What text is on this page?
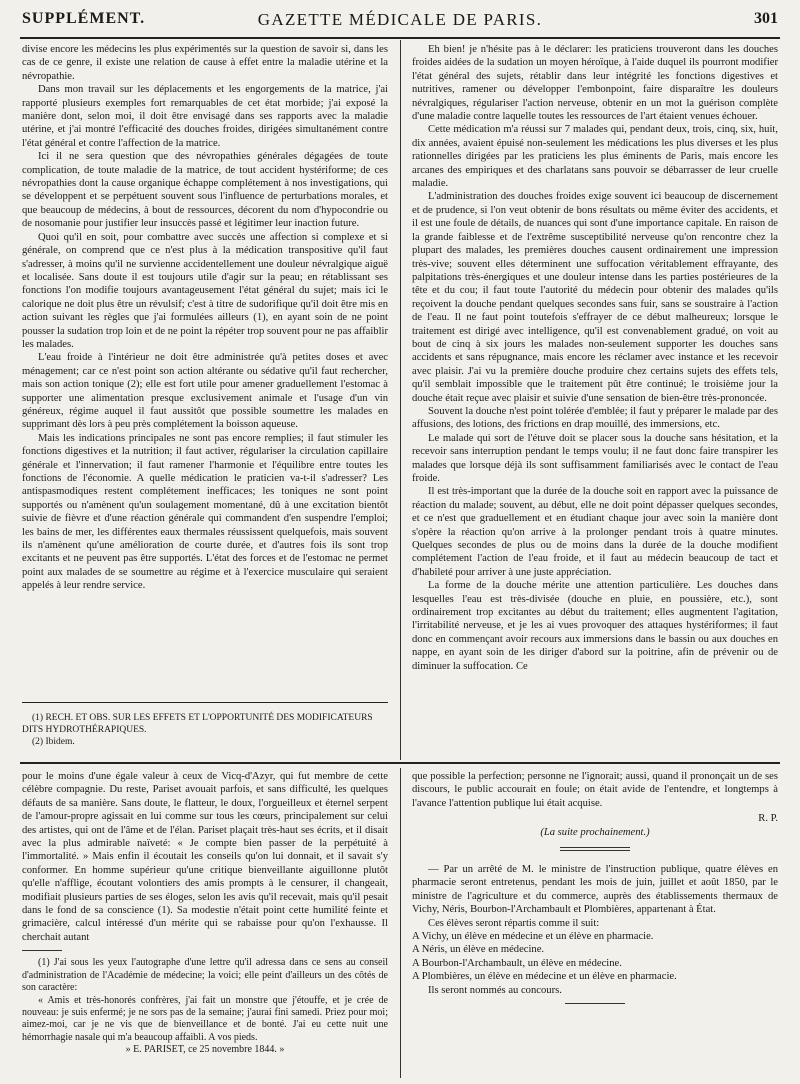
SUPPLÉMENT.	GAZETTE MÉDICALE DE PARIS.	301

divise encore les médecins les plus expérimentés sur la question de savoir si, dans les cas de ce genre, il existe une relation de cause à effet entre la maladie utérine et la névropathie.

Dans mon travail sur les déplacements et les engorgements de la matrice, j'ai rapporté plusieurs exemples fort remarquables de cet état morbide; j'ai exposé la manière dont, selon moi, il doit être envisagé dans ses rapports avec la maladie utérine, et j'ai montré l'efficacité des douches froides, dirigées simultanément contre l'état général et contre l'affection de la matrice.

Ici il ne sera question que des névropathies générales dégagées de toute complication, de toute maladie de la matrice, de tout accident hystériforme; de ces névropathies dont la cause organique échappe complétement à nos investigations, qui se développent et se perpétuent souvent sous l'influence de perturbations morales, et que beaucoup de médecins, à bout de ressources, décorent du nom d'hypocondrie ou de nosomanie pour justifier leur insuccès passé et légitimer leur inaction future.

Quoi qu'il en soit, pour combattre avec succès une affection si complexe et si générale, on comprend que ce n'est plus à la médication transpositive qu'il faut s'adresser, à moins qu'il ne survienne accidentellement une douleur névralgique aiguë et localisée. Sans doute il est toujours utile d'agir sur la peau; en rétablissant ses fonctions l'on modifie toujours avantageusement l'état général du sujet; mais ici le calorique ne doit plus être un révulsif; c'est à titre de sudorifique qu'il doit être mis en action suivant les règles que j'ai formulées ailleurs (1), en ayant soin de ne point pousser la sudation trop loin et de ne point la répéter trop souvent pour ne pas affaiblir les malades.

L'eau froide à l'intérieur ne doit être administrée qu'à petites doses et avec ménagement; car ce n'est point son action altérante ou sédative qu'il faut rechercher, mais son action tonique (2); elle est fort utile pour amener graduellement l'estomac à supporter une alimentation presque exclusivement animale et l'usage d'un vin généreux, régime auquel il faut aussitôt que possible soumettre les malades en supprimant dès lors à peu près complétement la boisson aqueuse.

Mais les indications principales ne sont pas encore remplies; il faut stimuler les fonctions digestives et la nutrition; il faut activer, régulariser la circulation capillaire générale et l'innervation; il faut ramener l'harmonie et l'équilibre entre toutes les fonctions de l'économie. A quelle médication le praticien va-t-il s'adresser? Les antispasmodiques restent complétement inefficaces; les toniques ne sont point supportés ou n'amènent qu'un soulagement momentané, dû à une excitation bientôt suivie de fièvre et d'une réaction générale qui commandent d'en suspendre l'emploi; les bains de mer, les différentes eaux thermales réussissent quelquefois, mais souvent ils n'amènent qu'une amélioration de courte durée, et d'autres fois ils sont trop excitants et ne peuvent pas être supportés. L'état des forces et de l'estomac ne permet point aux malades de se soumettre au régime et à l'exercice musculaire qui seraient appelés à leur rendre service.

(1) RECH. ET OBS. SUR LES EFFETS ET L'OPPORTUNITÉ DES MODIFICATEURS DITS HYDROTHÉRAPIQUES.

(2) Ibidem.

Eh bien! je n'hésite pas à le déclarer: les praticiens trouveront dans les douches froides aidées de la sudation un moyen héroïque, à l'aide duquel ils pourront modifier l'état général des sujets, rétablir dans leur intégrité les fonctions digestives et nutritives, ramener ou développer l'embonpoint, faire disparaître les douleurs névralgiques, régulariser l'action nerveuse, obtenir en un mot la guérison complète d'une maladie contre laquelle toutes les ressources de l'art étaient venues échouer.

Cette médication m'a réussi sur 7 malades qui, pendant deux, trois, cinq, six, huit, dix années, avaient épuisé non-seulement les médications les plus diverses et les plus rationnelles dirigées par les praticiens les plus éminents de Paris, mais encore les arcanes des empiriques et des charlatans sans pouvoir se débarrasser de leur cruelle maladie.

L'administration des douches froides exige souvent ici beaucoup de discernement et de prudence, si l'on veut obtenir de bons résultats ou même éviter des accidents, et il est une foule de détails, de nuances qui sont d'une importance capitale. En raison de la grande faiblesse et de l'extrême susceptibilité nerveuse qu'on rencontre chez la plupart des malades, les premières douches causent ordinairement une impression très-vive; souvent elles déterminent une suffocation véritablement effrayante, des palpitations très-énergiques et une douleur intense dans les parties postérieures de la tête et du cou; il faut toute l'autorité du médecin pour obtenir des malades qu'ils reçoivent la douche pendant quelques secondes sans fuir, sans se soustraire à l'action de l'eau. Il ne faut point toutefois s'effrayer de ce début malheureux; lorsque le traitement est dirigé avec intelligence, qu'il est convenablement gradué, on voit au bout de cinq à six jours les malades non-seulement supporter les douches sans accidents et sans répugnance, mais encore les réclamer avec instance et les recevoir avec plaisir. J'ai vu la première douche produire chez certains sujets des effets tels, qu'il semblait impossible que le traitement pût être continué; le troisième jour la douche était reçue avec plaisir et suivie d'une sensation de bien-être très-prononcée.

Souvent la douche n'est point tolérée d'emblée; il faut y préparer le malade par des affusions, des lotions, des frictions en drap mouillé, des immersions, etc.

Le malade qui sort de l'étuve doit se placer sous la douche sans hésitation, et la recevoir sans interruption pendant le temps voulu; il ne faut donc faire transpirer les malades que lorsque déjà ils sont suffisamment familiarisés avec le contact de l'eau froide.

Il est très-important que la durée de la douche soit en rapport avec la puissance de réaction du malade; souvent, au début, elle ne doit point dépasser quelques secondes, et ce n'est que graduellement et en étudiant chaque jour avec soin la manière dont s'opère la réaction qu'on arrive à la prolonger pendant trois à quatre minutes. Quelques secondes de plus ou de moins dans la durée de la douche modifient complétement l'action de l'eau froide, et il faut au médecin beaucoup de tact et d'habileté pour arriver à une juste appréciation.

La forme de la douche mérite une attention particulière. Les douches dans lesquelles l'eau est très-divisée (douche en pluie, en poussière, etc.), sont ordinairement trop excitantes au début du traitement; elles augmentent l'agitation, l'irritabilité nerveuse, et je les ai vues provoquer des attaques hystériformes; il faut donc en commençant avoir recours aux immersions dans le bassin ou aux douches en nappe, en ayant soin de les diriger d'abord sur la poitrine, afin de prévenir ou de diminuer la suffocation. Ce

pour le moins d'une égale valeur à ceux de Vicq-d'Azyr, qui fut membre de cette célèbre compagnie. Du reste, Pariset avouait parfois, et sans difficulté, les quelques défauts de sa manière. Sans doute, le flatteur, le doux, l'orgueilleux et éternel serpent de l'amour-propre agissait en lui comme sur tous les cœurs, principalement sur celui des artistes, qui ont de l'âme et de l'élan. Pariset plaçait très-haut ses écrits, et il disait avec la plus admirable naïveté: « Je compte bien passer de la perpétuité à l'immortalité. » Mais enfin il écoutait les conseils qu'on lui donnait, et il savait s'y conformer. En homme supérieur qu'une critique bienveillante aiguillonne plutôt qu'elle n'afflige, écoutant volontiers des amis prompts à le censurer, il changeait, modifiait plusieurs parties de ses éloges, selon les avis qu'il recevait, mais qu'il pesait dans le fond de sa conscience (1). Sa modestie n'était point cette humilité feinte et grimacière, calcul intéressé d'un mérite qui se rabaisse pour qu'on l'exhausse. Il cherchait autant

(1) J'ai sous les yeux l'autographe d'une lettre qu'il adressa dans ce sens au conseil d'administration de l'Académie de médecine; la voici; elle peint d'ailleurs un des côtés de son caractère:

« Amis et très-honorés confrères, j'ai fait un monstre que j'étouffe, et je crée de nouveau: je suis enfermé; je ne sors pas de la semaine; j'aurai fini samedi. Priez pour moi; aimez-moi, car je ne vis que de bienveillance et de bonté. J'ai eu cette nuit une hémorrhagie nasale qui m'a beaucoup affaibli. A vos pieds.

» E. PARISET, ce 25 novembre 1844. »

que possible la perfection; personne ne l'ignorait; aussi, quand il prononçait un de ses discours, le public accourait en foule; on était avide de l'entendre, et longtemps à l'avance l'attention publique lui était acquise.

R. P.

(La suite prochainement.)

— Par un arrêté de M. le ministre de l'instruction publique, quatre élèves en pharmacie seront entretenus, pendant les mois de juin, juillet et août 1850, par le ministre de l'agriculture et du commerce, auprès des établissements thermaux de Vichy, Néris, Bourbon-l'Archambault et Plombières, appartenant à État.

Ces élèves seront répartis comme il suit:

A Vichy, un élève en médecine et un élève en pharmacie.

A Néris, un élève en médecine.

A Bourbon-l'Archambault, un élève en médecine.

A Plombières, un élève en médecine et un élève en pharmacie.

Ils seront nommés au concours.
